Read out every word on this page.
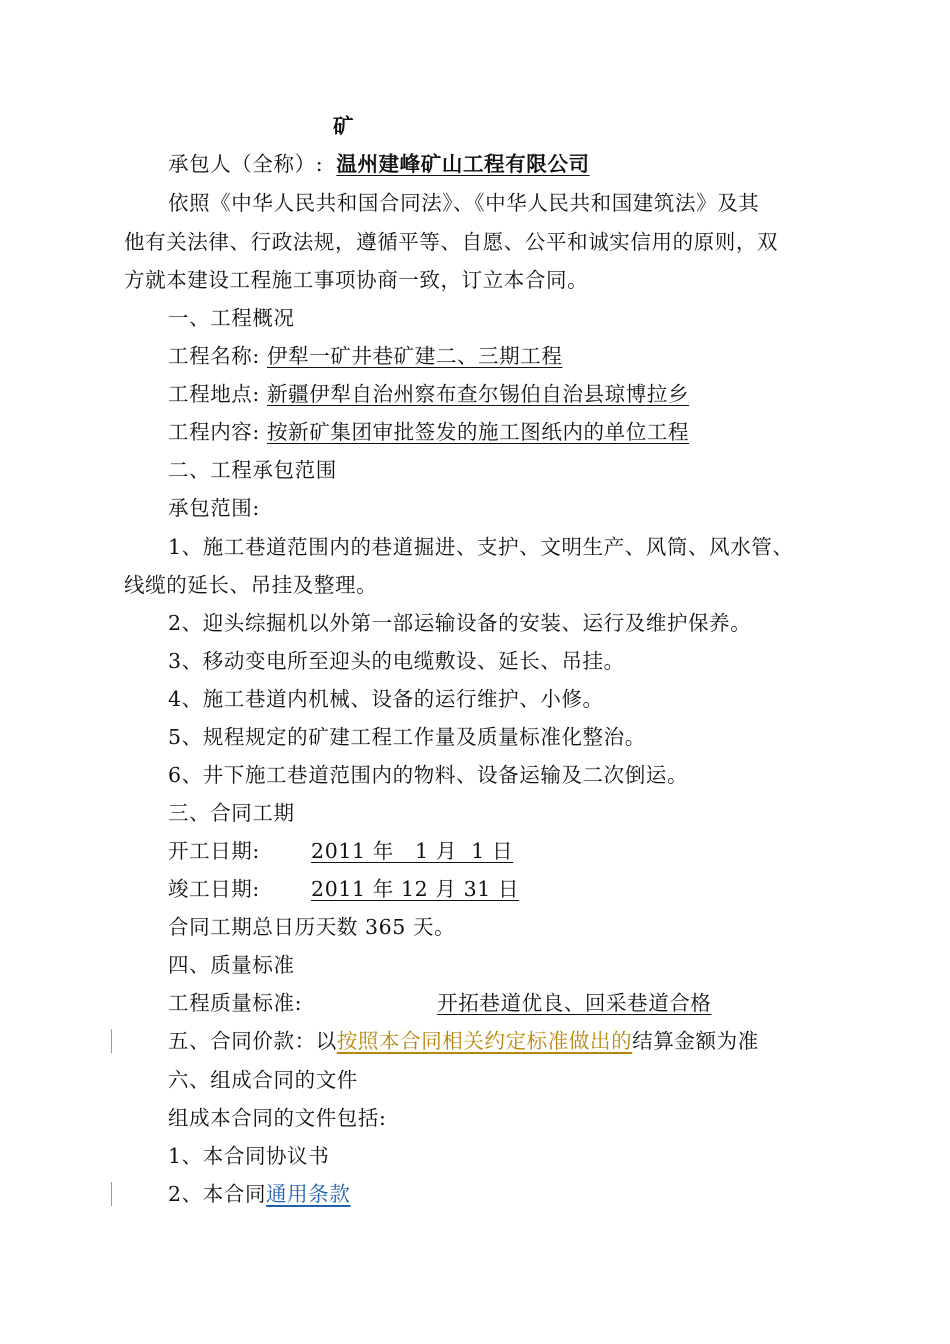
矿
承包人（全称）: 温州建峰矿山工程有限公司
依照《中华人民共和国合同法》、《中华人民共和国建筑法》及其
他有关法律、行政法规，遵循平等、自愿、公平和诚实信用的原则，双
方就本建设工程施工事项协商一致，订立本合同。
一、工程概况
工程名称: 伊犁一矿井巷矿建二、三期工程
工程地点: 新疆伊犁自治州察布查尔锡伯自治县琼博拉乡
工程内容: 按新矿集团审批签发的施工图纸内的单位工程
二、工程承包范围
承包范围:
1、施工巷道范围内的巷道掘进、支护、文明生产、风筒、风水管、
线缆的延长、吊挂及整理。
2、迎头综掘机以外第一部运输设备的安装、运行及维护保养。
3、移动变电所至迎头的电缆敷设、延长、吊挂。
4、施工巷道内机械、设备的运行维护、小修。
5、规程规定的矿建工程工作量及质量标准化整治。
6、井下施工巷道范围内的物料、设备运输及二次倒运。
三、合同工期
开工日期: 2011 年   1 月  1 日
竣工日期: 2011 年 12 月 31 日
合同工期总日历天数 365 天。
四、质量标准
工程质量标准:	开拓巷道优良、回采巷道合格
五、合同价款：以按照本合同相关约定标准做出的结算金额为准
六、组成合同的文件
组成本合同的文件包括:
1、本合同协议书
2、本合同通用条款
